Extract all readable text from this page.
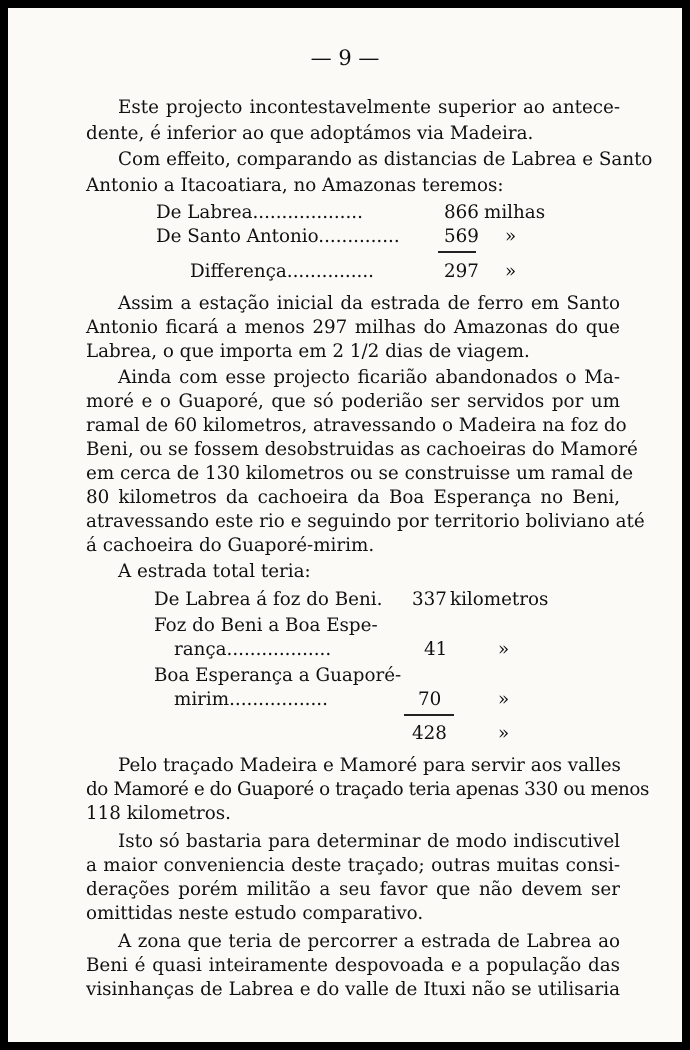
— 9 —
Este projecto incontestavelmente superior ao antece-
dente, é inferior ao que adoptámos via Madeira.
Com effeito, comparando as distancias de Labrea e Santo
Antonio a Itacoatiara, no Amazonas teremos:
De Labrea...................	866 milhas
De Santo Antonio.............. 569 »
Differença...............	297 »
Assim a estação inicial da estrada de ferro em Santo
Antonio ficará a menos 297 milhas do Amazonas do que
Labrea, o que importa em 2 1/2 dias de viagem.
Ainda com esse projecto ficarião abandonados o Ma-
moré e o Guaporé, que só poderião ser servidos por um
ramal de 60 kilometros, atravessando o Madeira na foz do
Beni, ou se fossem desobstruidas as cachoeiras do Mamoré
em cerca de 130 kilometros ou se construisse um ramal de
80 kilometros da cachoeira da Boa Esperança no Beni,
atravessando este rio e seguindo por territorio boliviano até
á cachoeira do Guaporé-mirim.
A estrada total teria:
De Labrea á foz do Beni. 337 kilometros
Foz do Beni a Boa Espe-
rança..................	41	»
Boa Esperança a Guaporé-
mirim.................	70	»
428	»
Pelo traçado Madeira e Mamoré para servir aos valles
do Mamoré e do Guaporé o traçado teria apenas 330 ou menos
118 kilometros.
Isto só bastaria para determinar de modo indiscutivel
a maior conveniencia deste traçado; outras muitas consi-
derações porém militão a seu favor que não devem ser
omittidas neste estudo comparativo.
A zona que teria de percorrer a estrada de Labrea ao
Beni é quasi inteiramente despovoada e a população das
visinhanças de Labrea e do valle de Ituxi não se utilisaria
